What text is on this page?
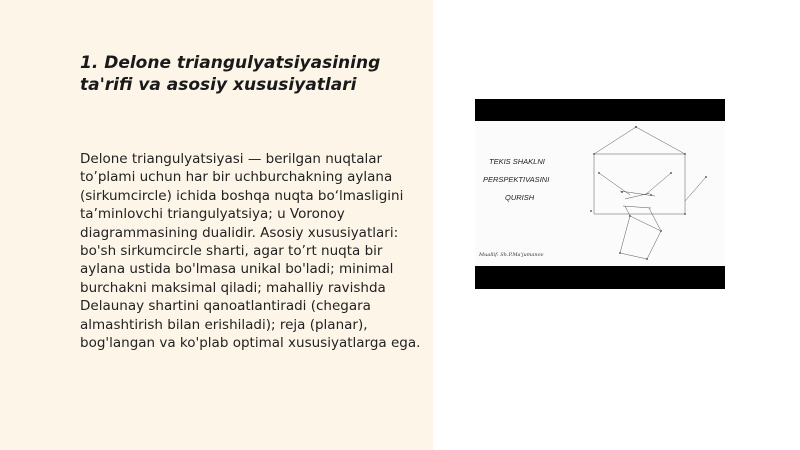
1. Delone triangulyatsiyasining ta'rifi va asosiy xususiyatlari

Delone triangulyatsiyasi — berilgan nuqtalar to’plami uchun har bir uchburchakning aylana (sirkumcircle) ichida boshqa nuqta bo‘lmasligini ta’minlovchi triangulyatsiya; u Voronoy diagrammasining dualidir. Asosiy xususiyatlari: bo'sh sirkumcircle sharti, agar to’rt nuqta bir aylana ustida bo'lmasa unikal bo'ladi; minimal burchakni maksimal qiladi; mahalliy ravishda Delaunay shartini qanoatlantiradi (chegara almashtirish bilan erishiladi); reja (planar), bog'langan va ko'plab optimal xususiyatlarga ega.

TEKIS SHAKLNI
PERSPEKTIVASINI
QURISH
Muallif: Sh.P.Ma'jumanov
